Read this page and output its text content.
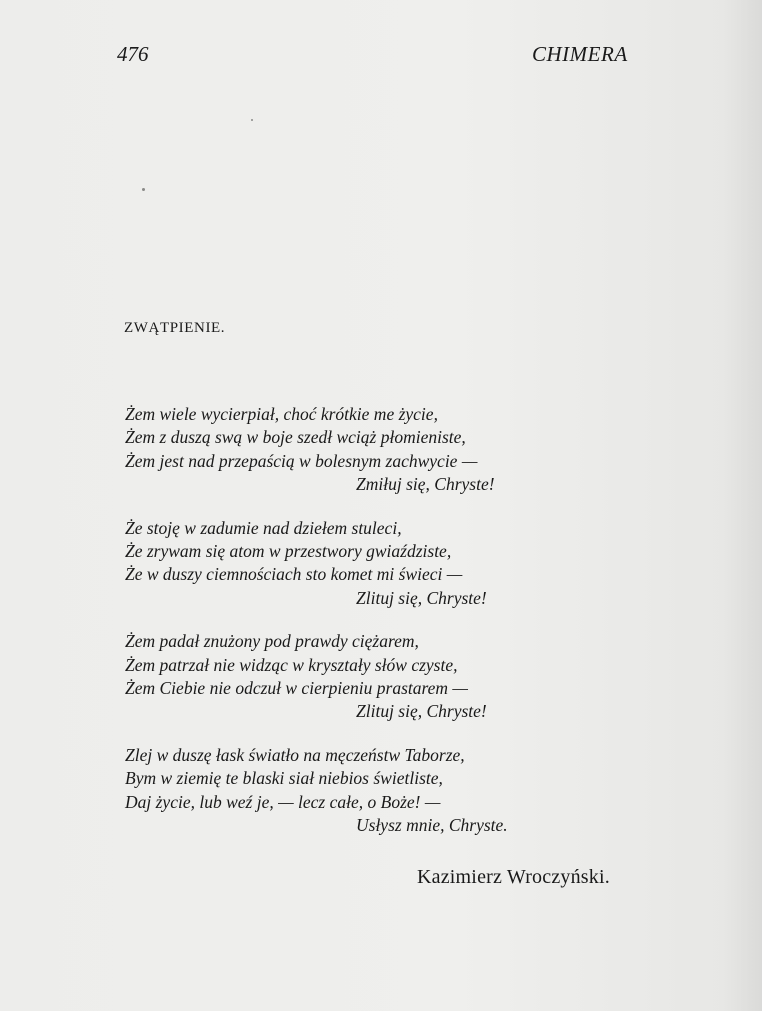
476	CHIMERA
ZWĄTPIENIE.
Żem wiele wycierpiał, choć krótkie me życie,
Żem z duszą swą w boje szedł wciąż płomieniste,
Żem jest nad przepaścią w bolesnym zachwycie —
Zmiłuj się, Chryste!
Że stoję w zadumie nad dziełem stuleci,
Że zrywam się atom w przestwory gwiaździste,
Że w duszy ciemnościach sto komet mi świeci —
Zlituj się, Chryste!
Żem padał znużony pod prawdy ciężarem,
Żem patrzał nie widząc w kryształy słów czyste,
Żem Ciebie nie odczuł w cierpieniu prastarem —
Zlituj się, Chryste!
Zlej w duszę łask światło na męczeństw Taborze,
Bym w ziemię te blaski siał niebios świetliste,
Daj życie, lub weź je, — lecz całe, o Boże! —
Usłysz mnie, Chryste.
Kazimierz Wroczyński.
